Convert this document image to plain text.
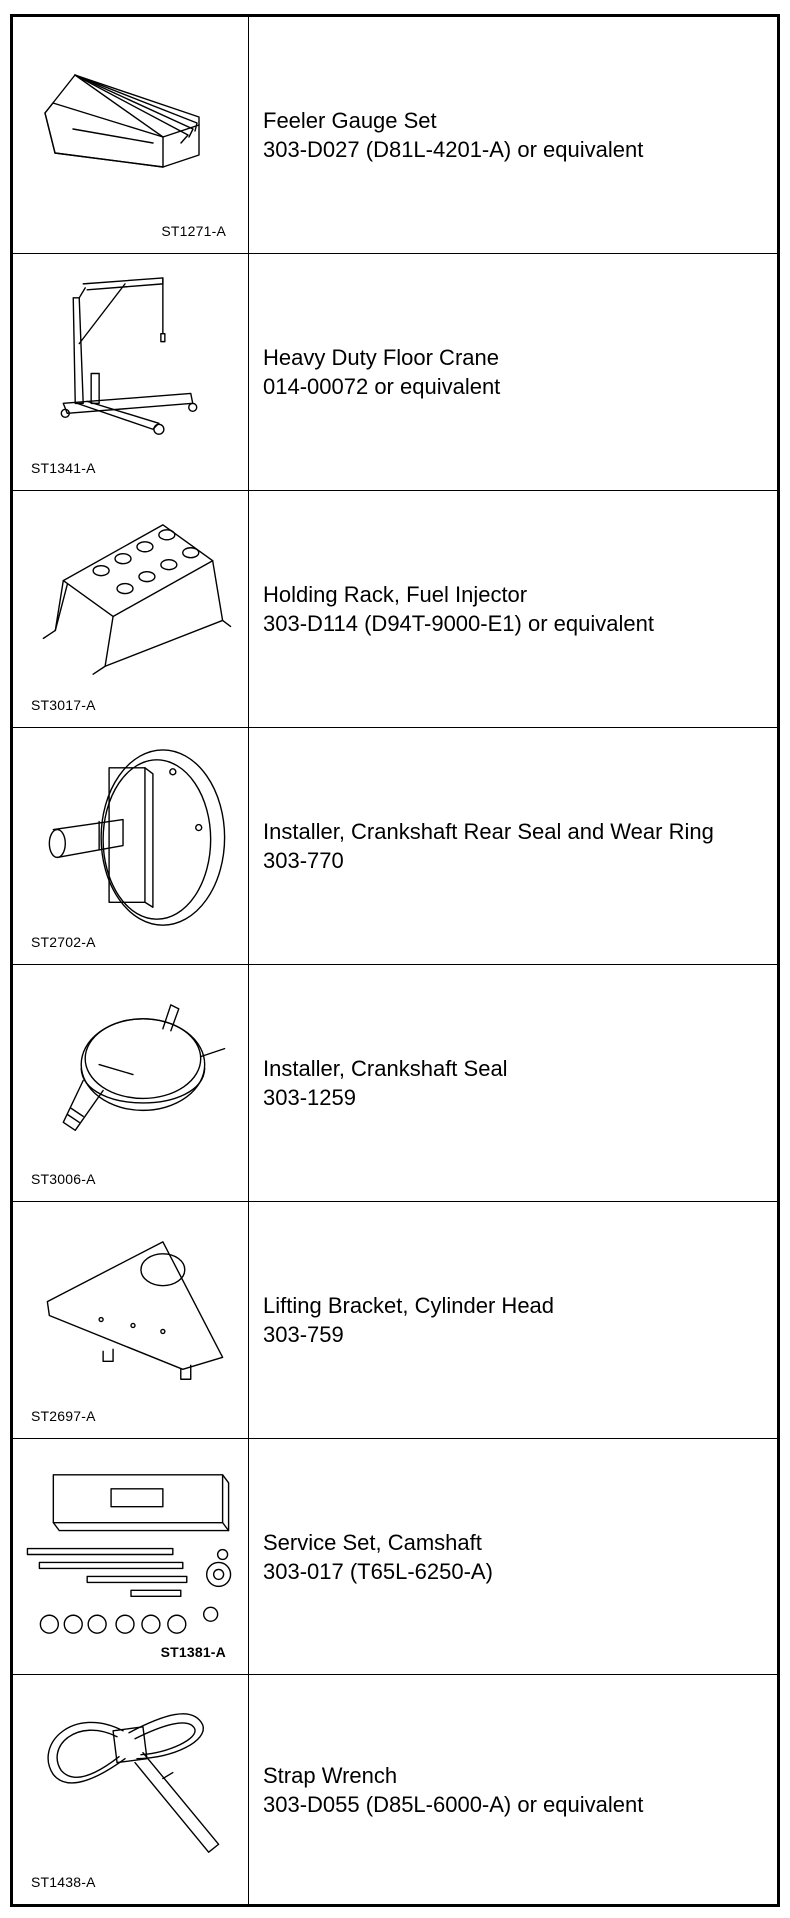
ST1271-A
Feeler Gauge Set
303-D027 (D81L-4201-A) or equivalent
ST1341-A
Heavy Duty Floor Crane
014-00072 or equivalent
ST3017-A
Holding Rack, Fuel Injector
303-D114 (D94T-9000-E1) or equivalent
ST2702-A
Installer, Crankshaft Rear Seal and Wear Ring
303-770
ST3006-A
Installer, Crankshaft Seal
303-1259
ST2697-A
Lifting Bracket, Cylinder Head
303-759
ST1381-A
Service Set, Camshaft
303-017 (T65L-6250-A)
ST1438-A
Strap Wrench
303-D055 (D85L-6000-A) or equivalent
